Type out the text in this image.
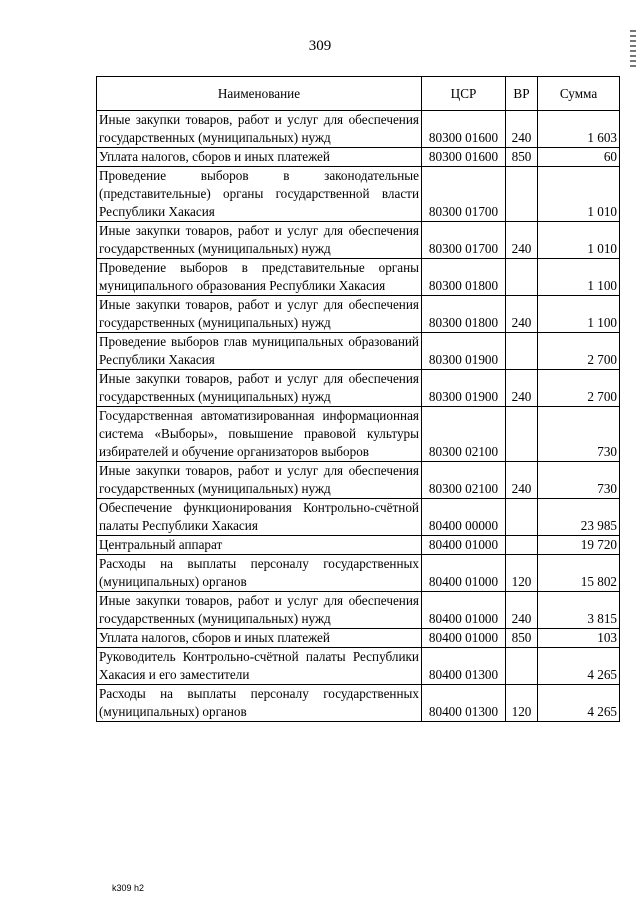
309
Наименование	ЦСР	ВР	Сумма
Иные закупки товаров, работ и услуг для обеспечения государственных (муниципальных) нужд	80300 01600	240	1 603
Уплата налогов, сборов и иных платежей	80300 01600	850	60
Проведение выборов в законодательные (представительные) органы государственной власти Республики Хакасия	80300 01700		1 010
Иные закупки товаров, работ и услуг для обеспечения государственных (муниципальных) нужд	80300 01700	240	1 010
Проведение выборов в представительные органы муниципального образования Республики Хакасия	80300 01800		1 100
Иные закупки товаров, работ и услуг для обеспечения государственных (муниципальных) нужд	80300 01800	240	1 100
Проведение выборов глав муниципальных образований Республики Хакасия	80300 01900		2 700
Иные закупки товаров, работ и услуг для обеспечения государственных (муниципальных) нужд	80300 01900	240	2 700
Государственная автоматизированная информационная система «Выборы», повышение правовой культуры избирателей и обучение организаторов выборов	80300 02100		730
Иные закупки товаров, работ и услуг для обеспечения государственных (муниципальных) нужд	80300 02100	240	730
Обеспечение функционирования Контрольно-счётной палаты Республики Хакасия	80400 00000		23 985
Центральный аппарат	80400 01000		19 720
Расходы на выплаты персоналу государственных (муниципальных) органов	80400 01000	120	15 802
Иные закупки товаров, работ и услуг для обеспечения государственных (муниципальных) нужд	80400 01000	240	3 815
Уплата налогов, сборов и иных платежей	80400 01000	850	103
Руководитель Контрольно-счётной палаты Республики Хакасия и его заместители	80400 01300		4 265
Расходы на выплаты персоналу государственных (муниципальных) органов	80400 01300	120	4 265
k309 h2
